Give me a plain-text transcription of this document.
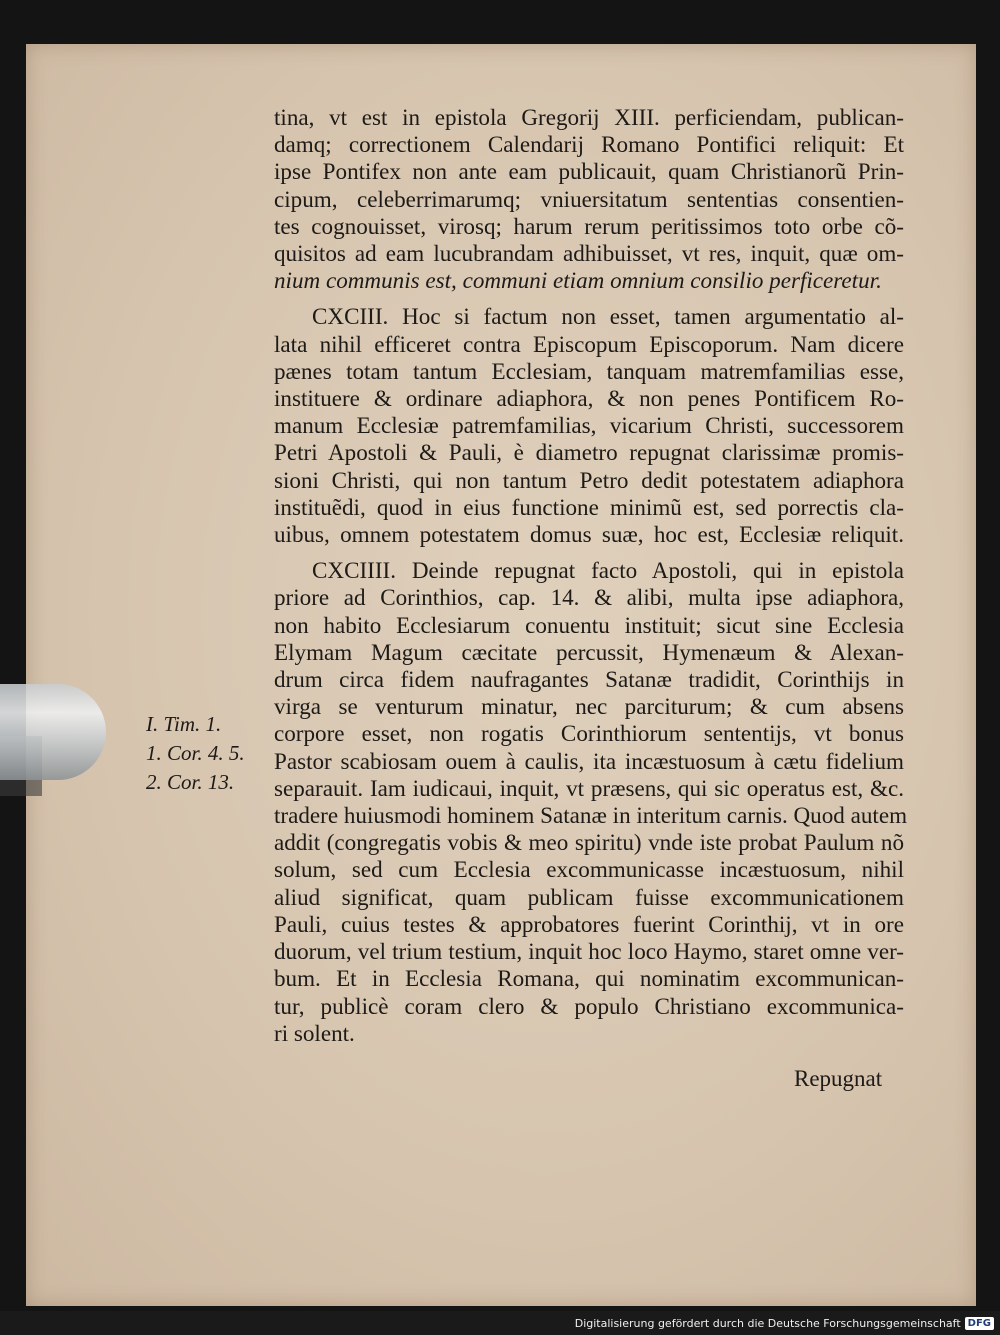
tina, vt est in epistola Gregorij XIII. perficiendam, publican-
damq; correctionem Calendarij Romano Pontifici reliquit: Et
ipse Pontifex non ante eam publicauit, quam Christianorũ Prin-
cipum, celeberrimarumq; vniuersitatum sententias consentien-
tes cognouisset, virosq; harum rerum peritissimos toto orbe cõ-
quisitos ad eam lucubrandam adhibuisset, vt res, inquit, quæ om-
nium communis est, communi etiam omnium consilio perficeretur.
CXCIII. Hoc si factum non esset, tamen argumentatio al-
lata nihil efficeret contra Episcopum Episcoporum. Nam dicere
pænes totam tantum Ecclesiam, tanquam matremfamilias esse,
instituere & ordinare adiaphora, & non penes Pontificem Ro-
manum Ecclesiæ patremfamilias, vicarium Christi, successorem
Petri Apostoli & Pauli, è diametro repugnat clarissimæ promis-
sioni Christi, qui non tantum Petro dedit potestatem adiaphora
instituẽdi, quod in eius functione minimũ est, sed porrectis cla-
uibus, omnem potestatem domus suæ, hoc est, Ecclesiæ reliquit.
CXCIIII. Deinde repugnat facto Apostoli, qui in epistola
priore ad Corinthios, cap. 14. & alibi, multa ipse adiaphora,
non habito Ecclesiarum conuentu instituit; sicut sine Ecclesia
Elymam Magum cæcitate percussit, Hymenæum & Alexan-
drum circa fidem naufragantes Satanæ tradidit, Corinthijs in
virga se venturum minatur, nec parciturum; & cum absens
corpore esset, non rogatis Corinthiorum sententijs, vt bonus
Pastor scabiosam ouem à caulis, ita incæstuosum à cætu fidelium
separauit. Iam iudicaui, inquit, vt præsens, qui sic operatus est, &c.
tradere huiusmodi hominem Satanæ in interitum carnis. Quod autem
addit (congregatis vobis & meo spiritu) vnde iste probat Paulum nõ
solum, sed cum Ecclesia excommunicasse incæstuosum, nihil
aliud significat, quam publicam fuisse excommunicationem
Pauli, cuius testes & approbatores fuerint Corinthij, vt in ore
duorum, vel trium testium, inquit hoc loco Haymo, staret omne ver-
bum. Et in Ecclesia Romana, qui nominatim excommunican-
tur, publicè coram clero & populo Christiano excommunica-
ri solent.
I. Tim. 1.
1. Cor. 4. 5.
2. Cor. 13.
Repugnat
Digitalisierung gefördert durch die Deutsche Forschungsgemeinschaft DFG
